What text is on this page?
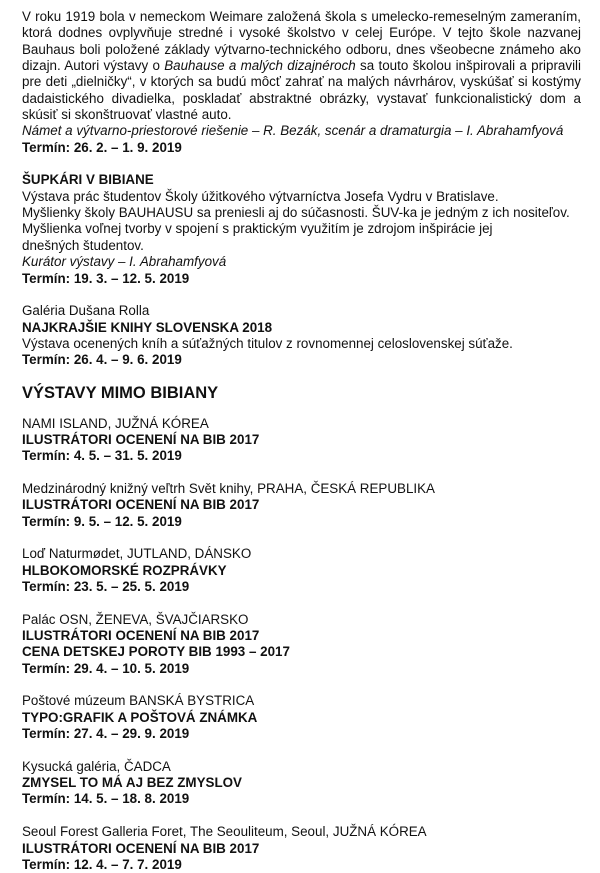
V roku 1919 bola v nemeckom Weimare založená škola s umelecko-remeselným zameraním, ktorá dodnes ovplyvňuje stredné i vysoké školstvo v celej Európe. V tejto škole nazvanej Bauhaus boli položené základy výtvarno-technického odboru, dnes všeobecne známeho ako dizajn. Autori výstavy o Bauhause a malých dizajnéroch sa touto školou inšpirovali a pripravili pre deti „dielničky“, v ktorých sa budú môcť zahrať na malých návrhárov, vyskúšať si kostýmy dadaistického divadielka, poskladať abstraktné obrázky, vystavať funkcionalistický dom a skúsiť si skonštruovať vlastné auto.

Námet a výtvarno-priestorové riešenie – R. Bezák, scenár a dramaturgia – I. Abrahamfyová
Termín: 26. 2. – 1. 9. 2019
ŠUPKÁRI V BIBIANE
Výstava prác študentov Školy úžitkového výtvarníctva Josefa Vydru v Bratislave.
Myšlienky školy BAUHAUSU sa preniesli aj do súčasnosti. ŠUV-ka je jedným z ich nositeľov.
Myšlienka voľnej tvorby v spojení s praktickým využitím je zdrojom inšpirácie jej dnešných študentov.
Kurátor výstavy – I. Abrahamfyová
Termín: 19. 3. – 12. 5. 2019
Galéria Dušana Rolla
NAJKRAJŠIE KNIHY SLOVENSKA 2018
Výstava ocenených kníh a súťažných titulov z rovnomennej celoslovenskej súťaže.
Termín: 26. 4. – 9. 6. 2019
VÝSTAVY MIMO BIBIANY
NAMI ISLAND, JUŽNÁ KÓREA
ILUSTRÁTORI OCENENÍ NA BIB 2017
Termín: 4. 5. – 31. 5. 2019
Medzinárodný knižný veľtrh Svět knihy, PRAHA, ČESKÁ REPUBLIKA
ILUSTRÁTORI OCENENÍ NA BIB 2017
Termín: 9. 5. – 12. 5. 2019
Loď Naturmødet, JUTLAND, DÁNSKO
HLBOKOMORSKÉ ROZPRÁVKY
Termín: 23. 5. – 25. 5. 2019
Palác OSN, ŽENEVA, ŠVAJČIARSKO
ILUSTRÁTORI OCENENÍ NA BIB 2017
CENA DETSKEJ POROTY BIB 1993 – 2017
Termín: 29. 4. – 10. 5. 2019
Poštové múzeum BANSKÁ BYSTRICA
TYPO:GRAFIK A POŠTOVÁ ZNÁMKA
Termín: 27. 4. – 29. 9. 2019
Kysucká galéria, ČADCA
ZMYSEL TO MÁ AJ BEZ ZMYSLOV
Termín: 14. 5. – 18. 8. 2019
Seoul Forest Galleria Foret, The Seouliteum, Seoul, JUŽNÁ KÓREA
ILUSTRÁTORI OCENENÍ NA BIB 2017
Termín: 12. 4. – 7. 7. 2019
